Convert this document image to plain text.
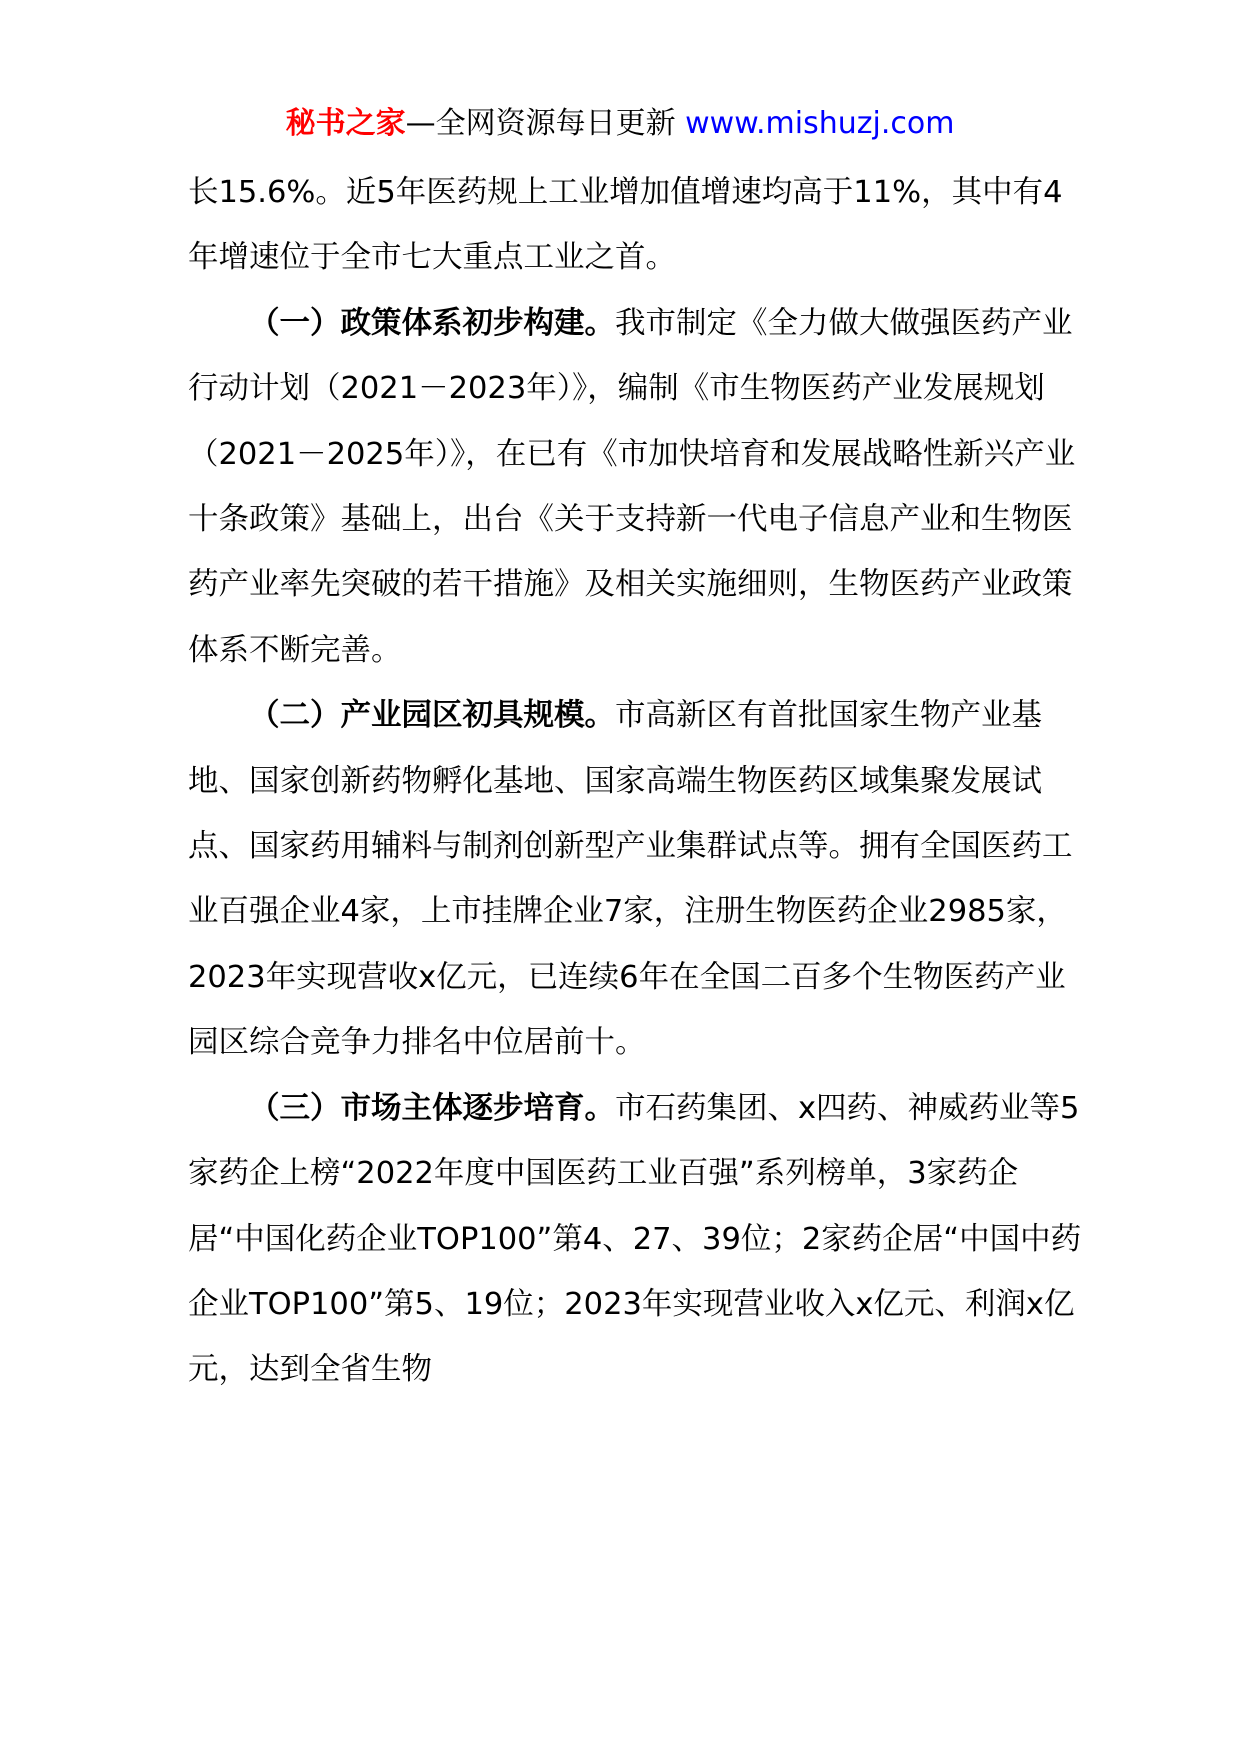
秘书之家—全网资源每日更新 www.mishuzj.com

长15.6%。近5年医药规上工业增加值增速均高于11%，其中有4年增速位于全市七大重点工业之首。

（一）政策体系初步构建。我市制定《全力做大做强医药产业行动计划（2021－2023年）》，编制《市生物医药产业发展规划（2021－2025年）》，在已有《市加快培育和发展战略性新兴产业十条政策》基础上，出台《关于支持新一代电子信息产业和生物医药产业率先突破的若干措施》及相关实施细则，生物医药产业政策体系不断完善。

（二）产业园区初具规模。市高新区有首批国家生物产业基地、国家创新药物孵化基地、国家高端生物医药区域集聚发展试点、国家药用辅料与制剂创新型产业集群试点等。拥有全国医药工业百强企业4家，上市挂牌企业7家，注册生物医药企业2985家，2023年实现营收x亿元，已连续6年在全国二百多个生物医药产业园区综合竞争力排名中位居前十。

（三）市场主体逐步培育。市石药集团、x四药、神威药业等5家药企上榜“2022年度中国医药工业百强”系列榜单，3家药企居“中国化药企业TOP100”第4、27、39位；2家药企居“中国中药企业TOP100”第5、19位；2023年实现营业收入x亿元、利润x亿元，达到全省生物
